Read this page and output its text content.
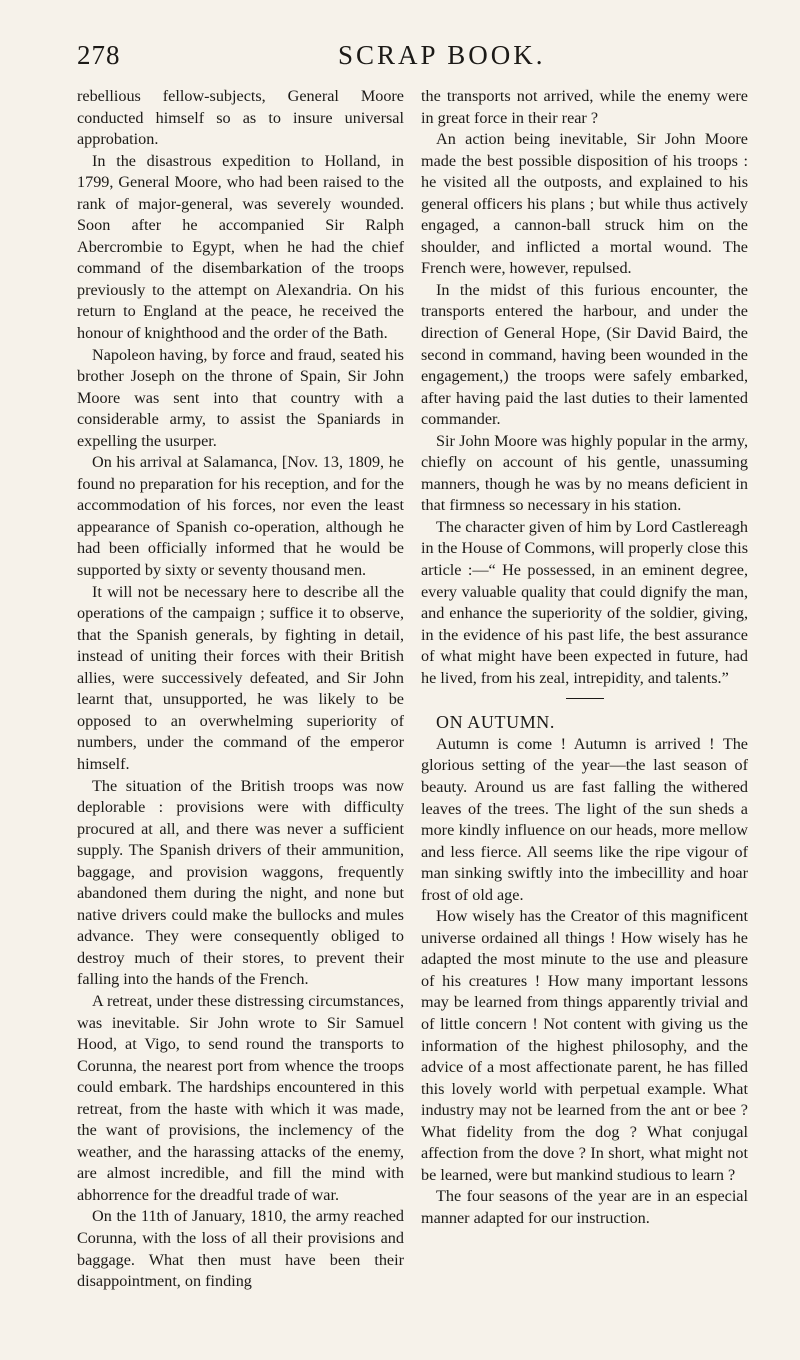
278	SCRAP BOOK.

rebellious fellow-subjects, General Moore conducted himself so as to insure universal approbation.

In the disastrous expedition to Holland, in 1799, General Moore, who had been raised to the rank of major-general, was severely wounded. Soon after he accompanied Sir Ralph Abercrombie to Egypt, when he had the chief command of the disembarkation of the troops previously to the attempt on Alexandria. On his return to England at the peace, he received the honour of knighthood and the order of the Bath.

Napoleon having, by force and fraud, seated his brother Joseph on the throne of Spain, Sir John Moore was sent into that country with a considerable army, to assist the Spaniards in expelling the usurper.

On his arrival at Salamanca, [Nov. 13, 1809, he found no preparation for his reception, and for the accommodation of his forces, nor even the least appearance of Spanish co-operation, although he had been officially informed that he would be supported by sixty or seventy thousand men.

It will not be necessary here to describe all the operations of the campaign ; suffice it to observe, that the Spanish generals, by fighting in detail, instead of uniting their forces with their British allies, were successively defeated, and Sir John learnt that, unsupported, he was likely to be opposed to an overwhelming superiority of numbers, under the command of the emperor himself.

The situation of the British troops was now deplorable : provisions were with difficulty procured at all, and there was never a sufficient supply. The Spanish drivers of their ammunition, baggage, and provision waggons, frequently abandoned them during the night, and none but native drivers could make the bullocks and mules advance. They were consequently obliged to destroy much of their stores, to prevent their falling into the hands of the French.

A retreat, under these distressing circumstances, was inevitable. Sir John wrote to Sir Samuel Hood, at Vigo, to send round the transports to Corunna, the nearest port from whence the troops could embark. The hardships encountered in this retreat, from the haste with which it was made, the want of provisions, the inclemency of the weather, and the harassing attacks of the enemy, are almost incredible, and fill the mind with abhorrence for the dreadful trade of war.

On the 11th of January, 1810, the army reached Corunna, with the loss of all their provisions and baggage. What then must have been their disappointment, on finding

the transports not arrived, while the enemy were in great force in their rear ?

An action being inevitable, Sir John Moore made the best possible disposition of his troops : he visited all the outposts, and explained to his general officers his plans ; but while thus actively engaged, a cannon-ball struck him on the shoulder, and inflicted a mortal wound. The French were, however, repulsed.

In the midst of this furious encounter, the transports entered the harbour, and under the direction of General Hope, (Sir David Baird, the second in command, having been wounded in the engagement,) the troops were safely embarked, after having paid the last duties to their lamented commander.

Sir John Moore was highly popular in the army, chiefly on account of his gentle, unassuming manners, though he was by no means deficient in that firmness so necessary in his station.

The character given of him by Lord Castlereagh in the House of Commons, will properly close this article :—“ He possessed, in an eminent degree, every valuable quality that could dignify the man, and enhance the superiority of the soldier, giving, in the evidence of his past life, the best assurance of what might have been expected in future, had he lived, from his zeal, intrepidity, and talents.”

ON AUTUMN.

Autumn is come ! Autumn is arrived ! The glorious setting of the year—the last season of beauty. Around us are fast falling the withered leaves of the trees. The light of the sun sheds a more kindly influence on our heads, more mellow and less fierce. All seems like the ripe vigour of man sinking swiftly into the imbecillity and hoar frost of old age.

How wisely has the Creator of this magnificent universe ordained all things ! How wisely has he adapted the most minute to the use and pleasure of his creatures ! How many important lessons may be learned from things apparently trivial and of little concern ! Not content with giving us the information of the highest philosophy, and the advice of a most affectionate parent, he has filled this lovely world with perpetual example. What industry may not be learned from the ant or bee ? What fidelity from the dog ? What conjugal affection from the dove ? In short, what might not be learned, were but mankind studious to learn ?

The four seasons of the year are in an especial manner adapted for our instruction.
